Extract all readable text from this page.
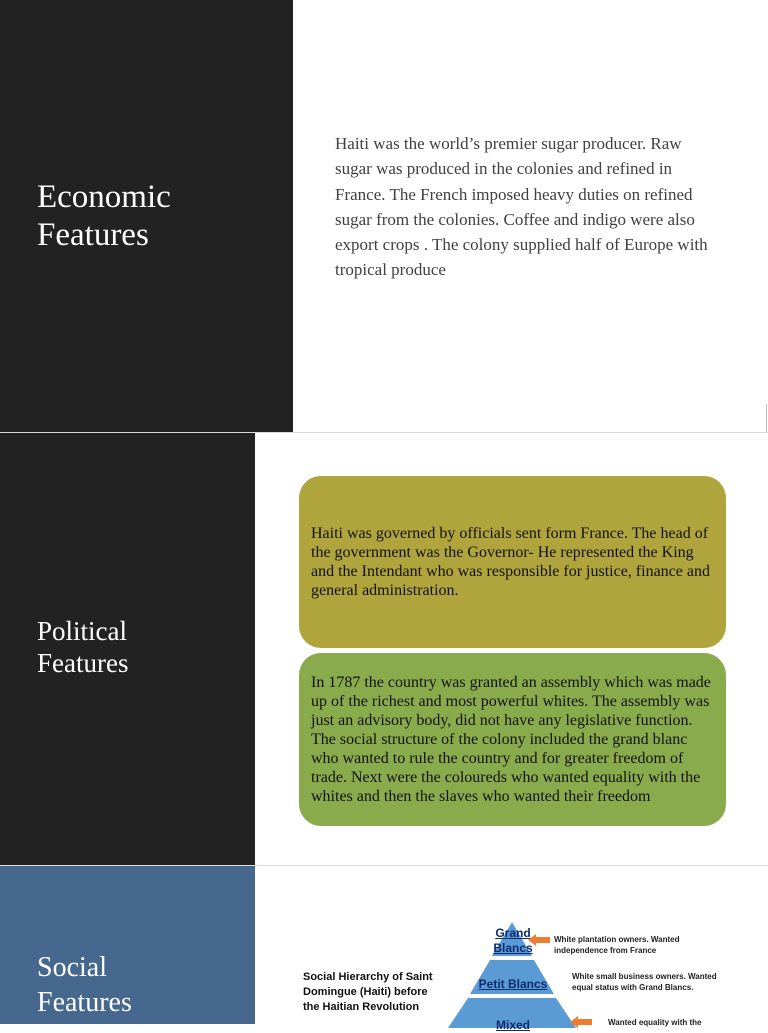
Economic
Features
Haiti was the world’s premier sugar producer. Raw sugar was produced in the colonies and refined in France. The French imposed heavy duties on refined sugar from the colonies. Coffee and indigo were also export crops . The colony supplied half of Europe with tropical produce
Political
Features
Haiti was governed by officials sent form France. The head of the government was the Governor- He represented the King and the Intendant who was responsible for justice, finance and general administration.
In 1787 the country was granted an assembly which was made up of the richest and most powerful whites. The assembly was just an advisory body, did not have any legislative function. The social structure of the colony included the grand blanc who wanted to rule the country and for greater freedom of trade. Next were the coloureds who wanted equality with the whites and then the slaves who wanted their freedom
Social
Features
Social Hierarchy of Saint
Domingue (Haiti) before
the Haitian Revolution
Grand
Blancs
Petit Blancs
Mixed
White plantation owners. Wanted
independence from France
White small business owners. Wanted
equal status with Grand Blancs.
Wanted equality with the
